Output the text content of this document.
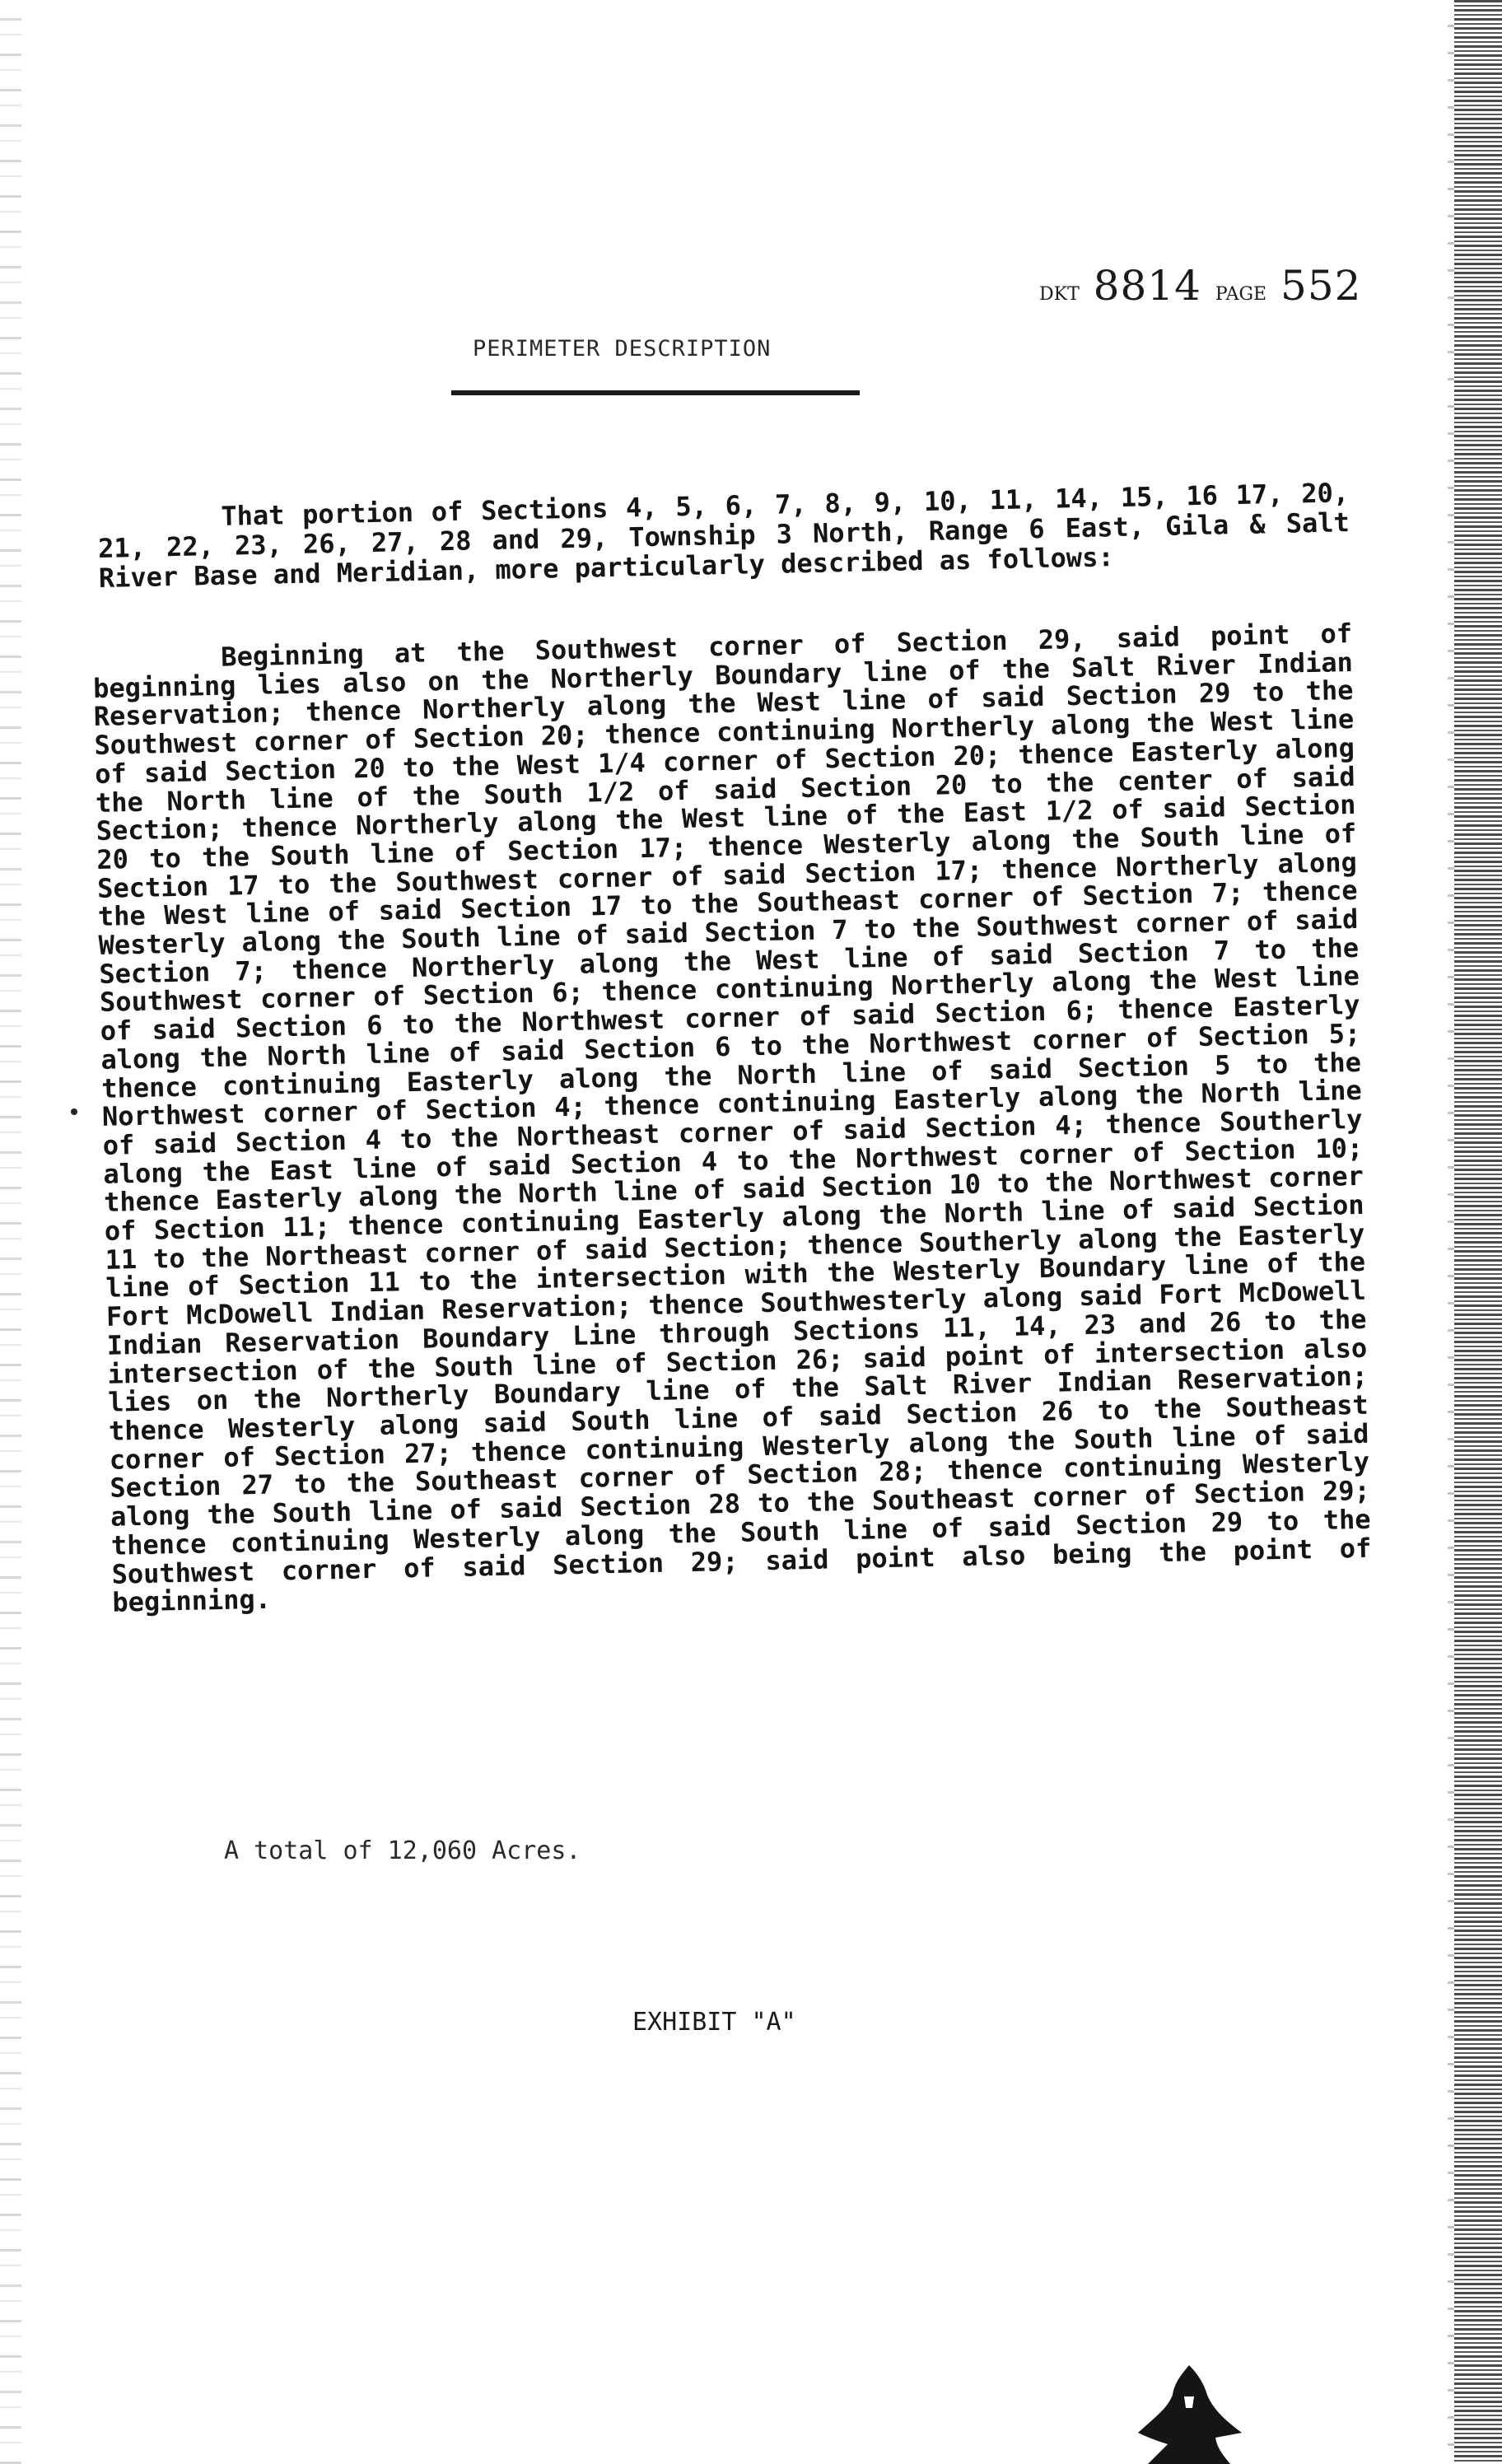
DKT 8814 PAGE 552
PERIMETER DESCRIPTION

That portion of Sections 4, 5, 6, 7, 8, 9, 10, 11, 14, 15, 16 17, 20, 21, 22, 23, 26, 27, 28 and 29, Township 3 North, Range 6 East, Gila & Salt River Base and Meridian, more particularly described as follows:

Beginning at the Southwest corner of Section 29, said point of beginning lies also on the Northerly Boundary line of the Salt River Indian Reservation; thence Northerly along the West line of said Section 29 to the Southwest corner of Section 20; thence continuing Northerly along the West line of said Section 20 to the West 1/4 corner of Section 20; thence Easterly along the North line of the South 1/2 of said Section 20 to the center of said Section; thence Northerly along the West line of the East 1/2 of said Section 20 to the South line of Section 17; thence Westerly along the South line of Section 17 to the Southwest corner of said Section 17; thence Northerly along the West line of said Section 17 to the Southeast corner of Section 7; thence Westerly along the South line of said Section 7 to the Southwest corner of said Section 7; thence Northerly along the West line of said Section 7 to the Southwest corner of Section 6; thence continuing Northerly along the West line of said Section 6 to the Northwest corner of said Section 6; thence Easterly along the North line of said Section 6 to the Northwest corner of Section 5; thence continuing Easterly along the North line of said Section 5 to the Northwest corner of Section 4; thence continuing Easterly along the North line of said Section 4 to the Northeast corner of said Section 4; thence Southerly along the East line of said Section 4 to the Northwest corner of Section 10; thence Easterly along the North line of said Section 10 to the Northwest corner of Section 11; thence continuing Easterly along the North line of said Section 11 to the Northeast corner of said Section; thence Southerly along the Easterly line of Section 11 to the intersection with the Westerly Boundary line of the Fort McDowell Indian Reservation; thence Southwesterly along said Fort McDowell Indian Reservation Boundary Line through Sections 11, 14, 23 and 26 to the intersection of the South line of Section 26; said point of intersection also lies on the Northerly Boundary line of the Salt River Indian Reservation; thence Westerly along said South line of said Section 26 to the Southeast corner of Section 27; thence continuing Westerly along the South line of said Section 27 to the Southeast corner of Section 28; thence continuing Westerly along the South line of said Section 28 to the Southeast corner of Section 29; thence continuing Westerly along the South line of said Section 29 to the Southwest corner of said Section 29; said point also being the point of beginning.

A total of 12,060 Acres.
EXHIBIT "A"
